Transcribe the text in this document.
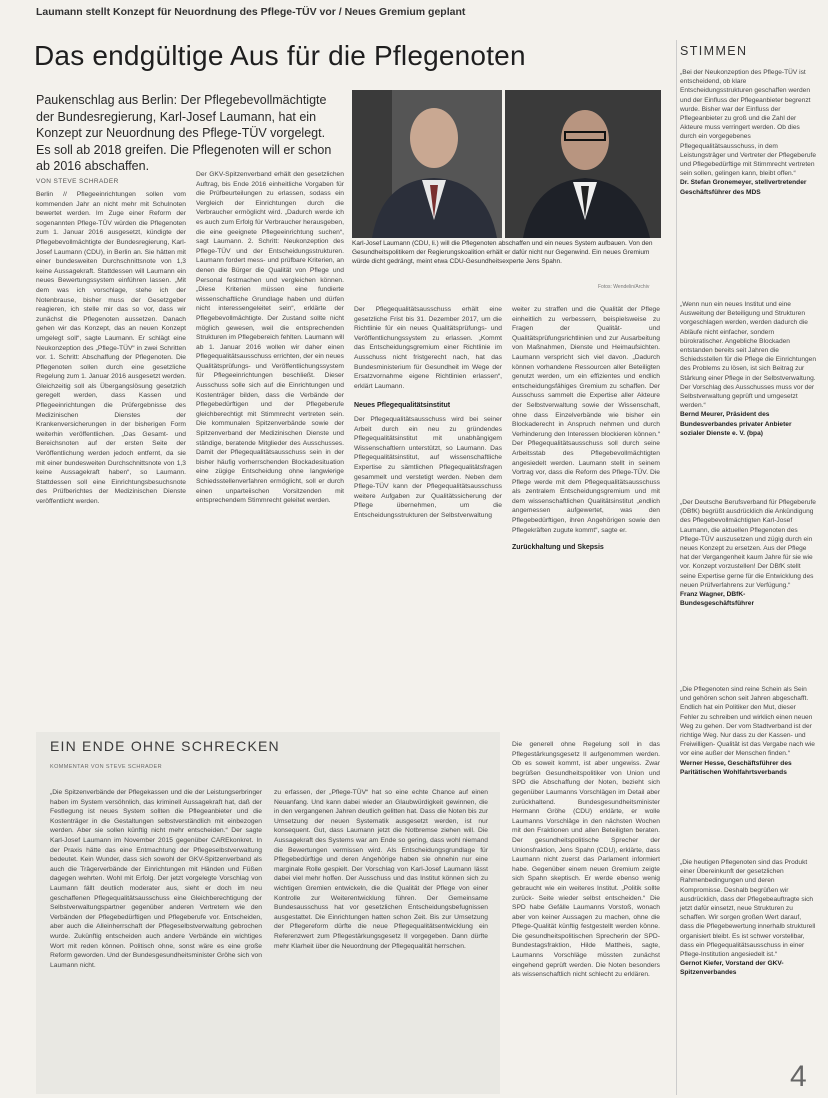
Laumann stellt Konzept für Neuordnung des Pflege-TÜV vor / Neues Gremium geplant
Das endgültige Aus für die Pflegenoten
Paukenschlag aus Berlin: Der Pflegebevollmächtigte der Bundesregierung, Karl-Josef Laumann, hat ein Konzept zur Neuordnung des Pflege-TÜV vorgelegt. Es soll ab 2018 greifen. Die Pflegenoten will er schon ab 2016 abschaffen.
VON STEVE SCHRADER
Karl-Josef Laumann (CDU, li.) will die Pflegenoten abschaffen und ein neues System aufbauen. Von den Gesundheitspolitikern der Regierungskoalition erhält er dafür nicht nur Gegenwind. Ein neues Gremium würde dicht gedrängt, meint etwa CDU-Gesundheitsexperte Jens Spahn.
Fotos: Wendelin/Archiv
Berlin // Pflegeeinrichtungen sollen vom kommenden Jahr an nicht mehr mit Schulnoten bewertet werden. Im Zuge einer Reform der sogenannten Pflege-TÜV würden die Pflegenoten zum 1. Januar 2016 ausgesetzt, kündigte der Pflegebevollmächtigte der Bundesregierung, Karl-Josef Laumann (CDU), in Berlin an. Sie hätten mit einer bundesweiten Durchschnittsnote von 1,3 keine Aussagekraft. Stattdessen will Laumann ein neues Bewertungssystem einführen lassen. „Mit dem was ich vorschlage, stehe ich der Notenbrause, bisher muss der Gesetzgeber reagieren, ich stelle mir das so vor, dass wir zunächst die Pflegenoten aussetzen. Danach gehen wir das Konzept, das an neuen Konzept umgelegt soll“, sagte Laumann. Er schlägt eine Neukonzeption des „Pflege-TÜV“ in zwei Schritten vor. 1. Schritt: Abschaffung der Pflegenoten. Die Pflegenoten sollen durch eine gesetzliche Regelung zum 1. Januar 2016 ausgesetzt werden. Gleichzeitig soll als Übergangslösung gesetzlich geregelt werden, dass Kassen und Pflegeeinrichtungen die Prüfergebnisse des Medizinischen Dienstes der Krankenversicherungen in der bisherigen Form weiterhin veröffentlichen. „Das Gesamt- und Bereichsnoten auf der ersten Seite der Veröffentlichung werden jedoch entfernt, da sie mit einer bundesweiten Durchschnittsnote von 1,3 keine Aussagekraft haben“, so Laumann. Stattdessen soll eine Einrichtungsbesuchsnote des Prüfberichtes der Medizinischen Dienste veröffentlicht werden.
Der GKV-Spitzenverband erhält den gesetzlichen Auftrag, bis Ende 2016 einheitliche Vorgaben für die Prüfbeurteilungen zu erlassen, sodass ein Vergleich der Einrichtungen durch die Verbraucher ermöglicht wird. „Dadurch werde ich es auch zum Erfolg für Verbraucher herausgeben, die eine geeignete Pflegeeinrichtung suchen“, sagt Laumann. 2. Schritt: Neukonzeption des Pflege-TÜV und der Entscheidungsstrukturen. Laumann fordert mess- und prüfbare Kriterien, an denen die Bürger die Qualität von Pflege und Personal festmachen und vergleichen können. „Diese Kriterien müssen eine fundierte wissenschaftliche Grundlage haben und dürfen nicht interessengeleitet sein“, erklärte der Pflegebevollmächtigte. Der Zustand sollte nicht möglich gewesen, weil die entsprechenden Strukturen im Pflegebereich fehlten. Laumann will ab 1. Januar 2016 wollen wir daher einen Pflegequalitätsausschuss errichten, der ein neues Qualitätsprüfungs- und Veröffentlichungssystem für Pflegeeinrichtungen beschließt. Dieser Ausschuss solle sich auf die Einrichtungen und Kostenträger bilden, dass die Verbände der Pflegebedürftigen und der Pflegeberufe gleichberechtigt mit Stimmrecht vertreten sein. Die kommunalen Spitzenverbände sowie der Spitzenverband der Medizinischen Dienste und ständige, beratende Mitglieder des Ausschusses. Damit der Pflegequalitätsausschuss sein in der bisher häufig vorherrschenden Blockadesituation eine zügige Entscheidung ohne langwierige Schiedsstellenverfahren ermöglicht, soll er durch einen unparteiischen Vorsitzenden mit entsprechendem Stimmrecht geleitet werden.
Der Pflegequalitätsausschuss erhält eine gesetzliche Frist bis 31. Dezember 2017, um die Richtlinie für ein neues Qualitätsprüfungs- und Veröffentlichungssystem zu erlassen. „Kommt das Entscheidungsgremium einer Richtlinie im Ausschuss nicht fristgerecht nach, hat das Bundesministerium für Gesundheit im Wege der Ersatzvornahme eigene Richtlinien erlassen“, erklärt Laumann.
Neues Pflegequalitätsinstitut
Der Pflegequalitätsausschuss wird bei seiner Arbeit durch ein neu zu gründendes Pflegequalitätsinstitut mit unabhängigem Wissenschaftlern unterstützt, so Laumann. Das Pflegequalitätsinstitut, auf wissenschaftliche Expertise zu sämtlichen Pflegequalitätsfragen gesammelt und verstetigt werden. Neben dem Pflege-TÜV kann der Pflegequalitätsausschuss weitere Aufgaben zur Qualitätssicherung der Pflege übernehmen, um die Entscheidungsstrukturen der Selbstverwaltung
weiter zu straffen und die Qualität der Pflege einheitlich zu verbessern, beispielsweise zu Fragen der Qualität- und Qualitätsprüfungsrichtlinien und zur Ausarbeitung von Maßnahmen, Dienste und Heimaufsichten. Laumann verspricht sich viel davon. „Dadurch können vorhandene Ressourcen aller Beteiligten genutzt werden, um ein effizientes und endlich entscheidungsfähiges Gremium zu schaffen. Der Ausschuss sammelt die Expertise aller Akteure der Selbstverwaltung sowie der Wissenschaft, ohne dass Einzelverbände wie bisher ein Blockaderecht in Anspruch nehmen und durch Verhinderung den Interessen blockieren können.“ Der Pflegequalitätsausschuss soll durch seine Arbeitsstab des Pflegebevollmächtigten angesiedelt werden. Laumann stellt in seinem Vortrag vor, dass die Reform des Pflege-TÜV. Die Pflege werde mit dem Pflegequalitätsausschuss als zentralem Entscheidungsgremium und mit dem wissenschaftlichen Qualitätsinstitut „endlich angemessen aufgewertet, was den Pflegebedürftigen, ihren Angehörigen sowie den Pflegekräften zugute kommt“, sagte er.
Zurückhaltung und Skepsis
EIN ENDE OHNE SCHRECKEN
KOMMENTAR VON STEVE SCHRADER
„Die Spitzenverbände der Pflegekassen und die der Leistungserbringer haben im System versöhnlich, das kriminell Aussagekraft hat, daß der Festlegung ist neues System sollten die Pflegeanbieter und die Kostenträger in die Gestaltungen selbstverständlich mit einbezogen werden. Aber sie sollen künftig nicht mehr entscheiden.“ Der sagte Karl-Josef Laumann im November 2015 gegenüber CAREkonkret. In der Praxis hätte das eine Entmachtung der Pflegeselbstverwaltung bedeutet. Kein Wunder, dass sich sowohl der GKV-Spitzenverband als auch die Trägerverbände der Einrichtungen mit Händen und Füßen dagegen wehrten. Wohl mit Erfolg. Der jetzt vorgelegte Vorschlag von Laumann fällt deutlich moderater aus, sieht er doch im neu geschaffenen Pflegequalitätsausschuss eine Gleichberechtigung der Selbstverwaltungspartner gegenüber anderen Vertretern wie den Verbänden der Pflegebedürftigen und Pflegeberufe vor. Entscheiden, aber auch die Alleinherrschaft der Pflegeselbstverwaltung gebrochen wurde. Zukünftig entscheiden auch andere Verbände ein wichtiges Wort mit reden können. Politisch ohne, sonst wäre es eine große Reform geworden. Und der Bundesgesundheitsminister Gröhe sich von Laumann nicht.
zu erfassen, der „Pflege-TÜV“ hat so eine echte Chance auf einen Neuanfang. Und kann dabei wieder an Glaubwürdigkeit gewinnen, die in den vergangenen Jahren deutlich gelitten hat. Dass die Noten bis zur Umsetzung der neuen Systematik ausgesetzt werden, ist nur konsequent. Gut, dass Laumann jetzt die Notbremse ziehen will. Die Aussagekraft des Systems war am Ende so gering, dass wohl niemand die Bewertungen vermissen wird. Als Entscheidungsgrundlage für Pflegebedürftige und deren Angehörige haben sie ohnehin nur eine marginale Rolle gespielt. Der Vorschlag von Karl-Josef Laumann lässt dabei viel mehr hoffen. Der Ausschuss und das Institut können sich zu wichtigen Gremien entwickeln, die die Qualität der Pflege von einer Kontrolle zur Weiterentwicklung führen. Der Gemeinsame Bundesausschuss hat vor gesetzlichen Entscheidungsbefugnissen ausgestattet. Die Einrichtungen hatten schon Zeit. Bis zur Umsetzung der Pflegereform dürfte die neue Pflegequalitätsentwicklung ein Referenzwert zum Pflegestärkungsgesetz II vorgegeben. Dann dürfte mehr Klarheit über die Neuordnung der Pflegequalität herrschen.
Die generell ohne Regelung soll in das Pflegestärkungsgesetz II aufgenommen werden. Ob es soweit kommt, ist aber ungewiss. Zwar begrüßen Gesundheitspolitiker von Union und SPD die Abschaffung der Noten, bezieht sich gegenüber Laumanns Vorschlägen im Detail aber zurückhaltend. Bundesgesundheitsminister Hermann Gröhe (CDU) erklärte, er wolle Laumanns Vorschläge in den nächsten Wochen mit den Fraktionen und allen Beteiligten beraten. Der gesundheitspolitische Sprecher der Unionsfraktion, Jens Spahn (CDU), erklärte, dass Laumann nicht zuerst das Parlament informiert habe. Gegenüber einem neuen Gremium zeigte sich Spahn skeptisch. Er werde ebenso wenig gebraucht wie ein weiteres Institut. „Politik sollte zurück- Seite wieder selbst entscheiden.“ Die SPD habe Gefälle Laumanns Vorstoß, wonach aber von keiner Aussagen zu machen, ohne die Pflege-Qualität künftig festgestellt werden könne. Die gesundheitspolitischen Sprecherin der SPD-Bundestagsfraktion, Hilde Mattheis, sagte, Laumanns Vorschläge müssten zunächst eingehend geprüft werden. Die Noten besonders als wissenschaftlich nicht schlecht zu erklären.
STIMMEN
„Bei der Neukonzeption des Pflege-TÜV ist entscheidend, ob klare Entscheidungsstrukturen geschaffen werden und der Einfluss der Pflegeanbieter begrenzt wurde. Bisher war der Einfluss der Pflegeanbieter zu groß und die Zahl der Akteure muss verringert werden. Ob dies durch ein vorgegebenes Pflegequalitätsausschuss, in dem Leistungsträger und Vertreter der Pflegeberufe und Pflegebedürftige mit Stimmrecht vertreten sein sollen, gelingen kann, bleibt offen.“
Dr. Stefan Gronemeyer, stellvertretender Geschäftsführer des MDS
„Wenn nun ein neues Institut und eine Ausweitung der Beteiligung und Strukturen vorgeschlagen werden, werden dadurch die Abläufe nicht einfacher, sondern bürokratischer. Angebliche Blockaden entstanden bereits seit Jahren die Schiedsstellen für die Pflege die Einrichtungen des Problems zu lösen, ist sich Beitrag zur Stärkung einer Pflege in der Selbstverwaltung. Der Vorschlag des Ausschusses muss vor der Selbstverwaltung geprüft und umgesetzt werden.“
Bernd Meurer, Präsident des Bundesverbandes privater Anbieter sozialer Dienste e. V. (bpa)
„Der Deutsche Berufsverband für Pflegeberufe (DBfK) begrüßt ausdrücklich die Ankündigung des Pflegebevollmächtigten Karl-Josef Laumann, die aktuellen Pflegenoten des Pflege-TÜV auszusetzen und zügig durch ein neues Konzept zu ersetzen. Aus der Pflege hat der Vergangenheit kaum Jahre für sie wie vor. Konzept vorzustellen! Der DBfK stellt seine Expertise gerne für die Entwicklung des neuen Prüfverfahrens zur Verfügung.“
Franz Wagner, DBfK-Bundesgeschäftsführer
„Die Pflegenoten sind reine Schein als Sein und gehören schon seit Jahren abgeschafft. Endlich hat ein Politiker den Mut, dieser Fehler zu schreiben und wirklich einen neuen Weg zu gehen. Der vom Stadtverband ist der richtige Weg. Nur dass zu der Kassen- und Freiwilligen- Qualität ist das Vergabe nach wie vor eine außer der Menschen finden.“
Werner Hesse, Geschäftsführer des Paritätischen Wohlfahrtsverbands
„Die heutigen Pflegenoten sind das Produkt einer Übereinkunft der gesetzlichen Rahmenbedingungen und deren Kompromisse. Deshalb begrüßen wir ausdrücklich, dass der Pflegebeauftragte sich jetzt dafür einsetzt, neue Strukturen zu schaffen. Wir sorgen großen Wert darauf, dass die Pflegebewertung innerhalb strukturell organisiert bleibt. Es ist schwer vorstellbar, dass ein Pflegequalitätsausschuss in einer Pflege-Institution angesiedelt ist.“
Gernot Kiefer, Vorstand der GKV-Spitzenverbandes
4
